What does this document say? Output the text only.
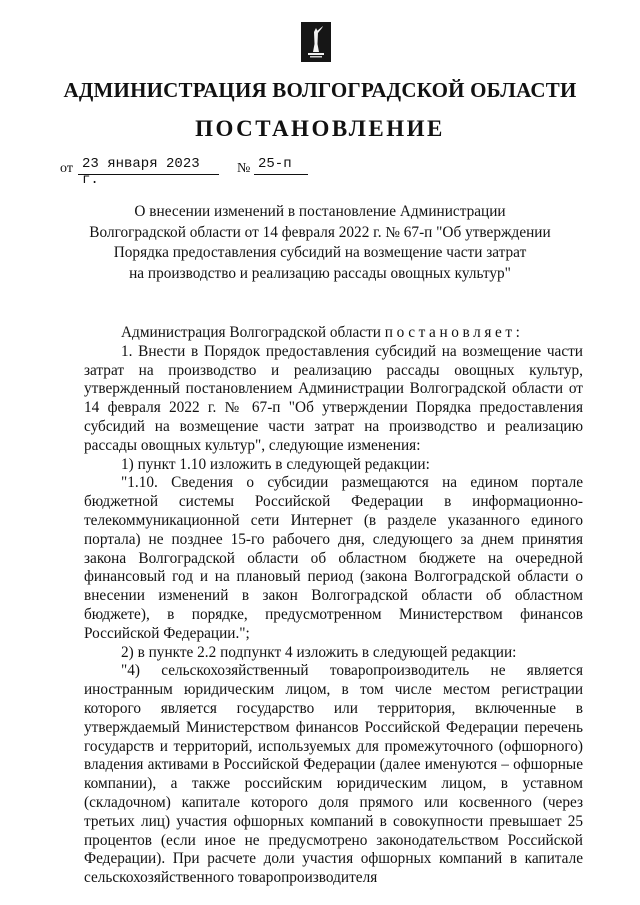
АДМИНИСТРАЦИЯ ВОЛГОГРАДСКОЙ ОБЛАСТИ
ПОСТАНОВЛЕНИЕ
от 23 января 2023 г.
№ 25-п
О внесении изменений в постановление Администрации
Волгоградской области от 14 февраля 2022 г. № 67-п "Об утверждении
Порядка предоставления субсидий на возмещение части затрат
на производство и реализацию рассады овощных культур"

Администрация Волгоградской области постановляет:

1. Внести в Порядок предоставления субсидий на возмещение части затрат на производство и реализацию рассады овощных культур, утвержденный постановлением Администрации Волгоградской области от 14 февраля 2022 г. № 67-п "Об утверждении Порядка предоставления субсидий на возмещение части затрат на производство и реализацию рассады овощных культур", следующие изменения:

1) пункт 1.10 изложить в следующей редакции:

"1.10. Сведения о субсидии размещаются на едином портале бюджетной системы Российской Федерации в информационно-телекоммуникационной сети Интернет (в разделе указанного единого портала) не позднее 15-го рабочего дня, следующего за днем принятия закона Волгоградской области об областном бюджете на очередной финансовый год и на плановый период (закона Волгоградской области о внесении изменений в закон Волгоградской области об областном бюджете), в порядке, предусмотренном Министерством финансов Российской Федерации.";

2) в пункте 2.2 подпункт 4 изложить в следующей редакции:

"4) сельскохозяйственный товаропроизводитель не является иностранным юридическим лицом, в том числе местом регистрации которого является государство или территория, включенные в утверждаемый Министерством финансов Российской Федерации перечень государств и территорий, используемых для промежуточного (офшорного) владения активами в Российской Федерации (далее именуются – офшорные компании), а также российским юридическим лицом, в уставном (складочном) капитале которого доля прямого или косвенного (через третьих лиц) участия офшорных компаний в совокупности превышает 25 процентов (если иное не предусмотрено законодательством Российской Федерации). При расчете доли участия офшорных компаний в капитале сельскохозяйственного товаропроизводителя
